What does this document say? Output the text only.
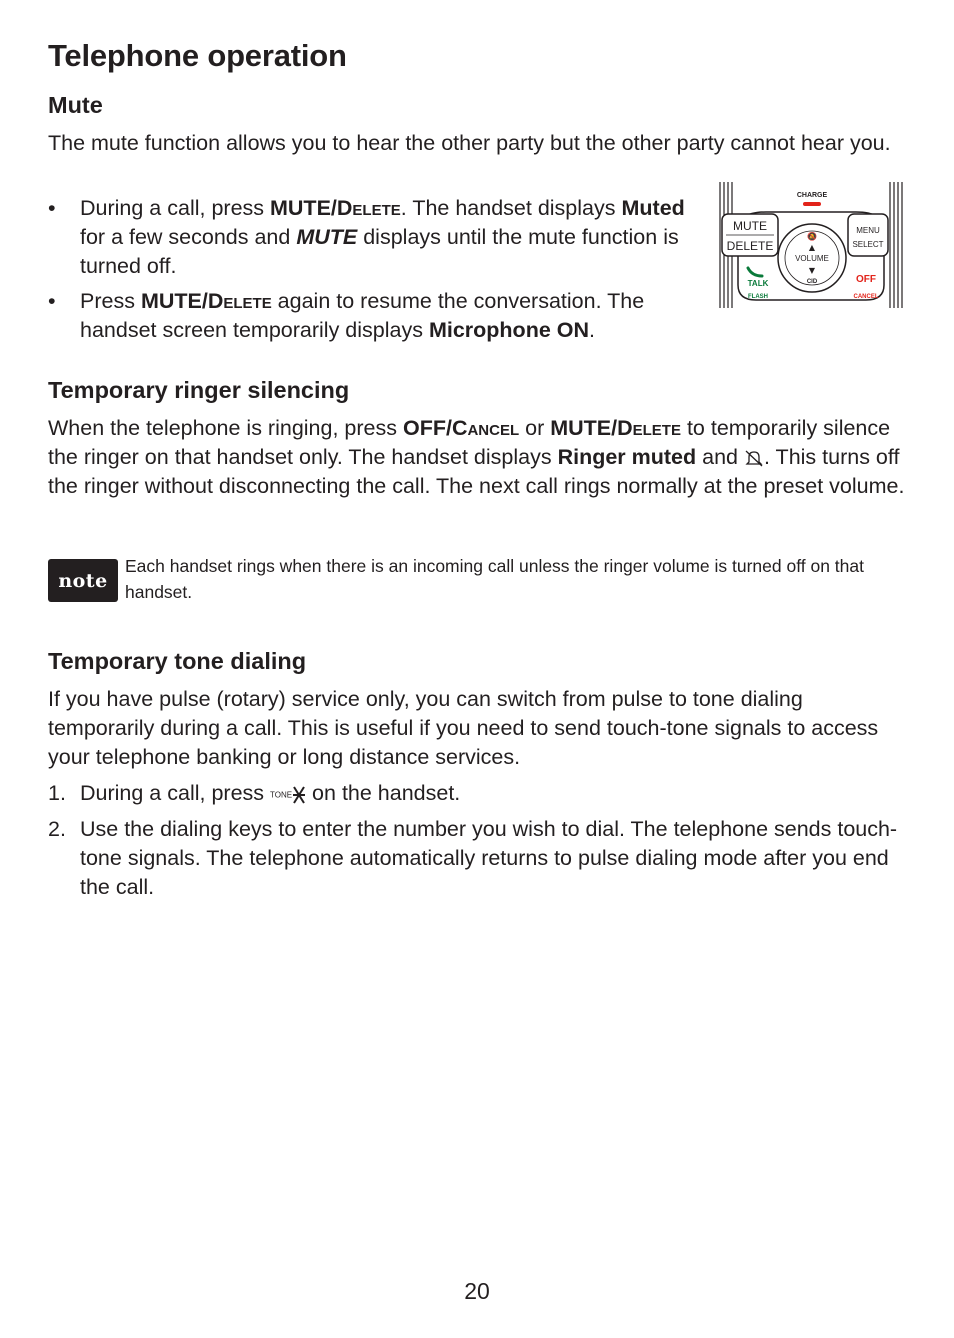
Telephone operation
Mute

The mute function allows you to hear the other party but the other party cannot hear you.

• During a call, press MUTE/Delete. The handset displays Muted for a few seconds and MUTE displays until the mute function is turned off.

• Press MUTE/Delete again to resume the conversation. The handset screen temporarily displays Microphone ON.

CHARGE
MUTE
DELETE
MENU
SELECT
🔕
▲
VOLUME
▼
CID
TALK
FLASH
OFF
CANCEL
Temporary ringer silencing

When the telephone is ringing, press OFF/Cancel or MUTE/Delete to temporarily silence the ringer on that handset only. The handset displays Ringer muted and . This turns off the ringer without disconnecting the call. The next call rings normally at the preset volume.

note

Each handset rings when there is an incoming call unless the ringer volume is turned off on that handset.

Temporary tone dialing

If you have pulse (rotary) service only, you can switch from pulse to tone dialing temporarily during a call. This is useful if you need to send touch-tone signals to access your telephone banking or long distance services.

1. During a call, press TONE on the handset.

2. Use the dialing keys to enter the number you wish to dial. The telephone sends touch-tone signals. The telephone automatically returns to pulse dialing mode after you end the call.

20
